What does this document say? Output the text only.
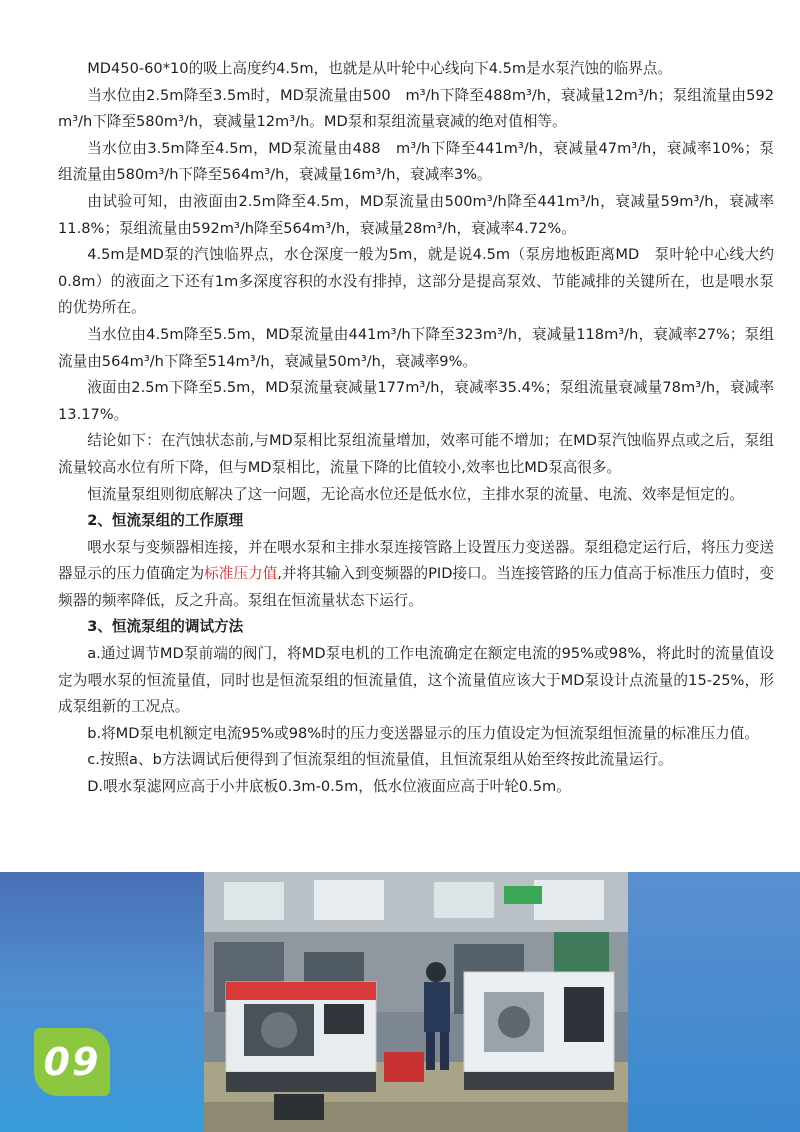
MD450-60*10的吸上高度约4.5m，也就是从叶轮中心线向下4.5m是水泵汽蚀的临界点。

当水位由2.5m降至3.5m时，MD泵流量由500　m³/h下降至488m³/h，衰减量12m³/h；泵组流量由592 m³/h下降至580m³/h，衰减量12m³/h。MD泵和泵组流量衰减的绝对值相等。

当水位由3.5m降至4.5m，MD泵流量由488　m³/h下降至441m³/h，衰减量47m³/h，衰减率10%；泵组流量由580m³/h下降至564m³/h，衰减量16m³/h，衰减率3%。

由试验可知，由液面由2.5m降至4.5m，MD泵流量由500m³/h降至441m³/h，衰减量59m³/h，衰减率11.8%；泵组流量由592m³/h降至564m³/h，衰减量28m³/h，衰减率4.72%。

4.5m是MD泵的汽蚀临界点，水仓深度一般为5m，就是说4.5m（泵房地板距离MD　泵叶轮中心线大约0.8m）的液面之下还有1m多深度容积的水没有排掉，这部分是提高泵效、节能减排的关键所在，也是喂水泵的优势所在。

当水位由4.5m降至5.5m，MD泵流量由441m³/h下降至323m³/h，衰减量118m³/h，衰减率27%；泵组流量由564m³/h下降至514m³/h，衰减量50m³/h，衰减率9%。

液面由2.5m下降至5.5m，MD泵流量衰减量177m³/h，衰减率35.4%；泵组流量衰减量78m³/h，衰减率13.17%。

结论如下：在汽蚀状态前,与MD泵相比泵组流量增加，效率可能不增加；在MD泵汽蚀临界点或之后，泵组流量较高水位有所下降，但与MD泵相比，流量下降的比值较小,效率也比MD泵高很多。

恒流量泵组则彻底解决了这一问题，无论高水位还是低水位，主排水泵的流量、电流、效率是恒定的。

2、恒流泵组的工作原理

喂水泵与变频器相连接，并在喂水泵和主排水泵连接管路上设置压力变送器。泵组稳定运行后，将压力变送器显示的压力值确定为标准压力值,并将其输入到变频器的PID接口。当连接管路的压力值高于标准压力值时，变频器的频率降低，反之升高。泵组在恒流量状态下运行。

3、恒流泵组的调试方法

a.通过调节MD泵前端的阀门，将MD泵电机的工作电流确定在额定电流的95%或98%，将此时的流量值设定为喂水泵的恒流量值，同时也是恒流泵组的恒流量值，这个流量值应该大于MD泵设计点流量的15-25%，形成泵组新的工况点。

b.将MD泵电机额定电流95%或98%时的压力变送器显示的压力值设定为恒流泵组恒流量的标准压力值。

c.按照a、b方法调试后便得到了恒流泵组的恒流量值，且恒流泵组从始至终按此流量运行。

D.喂水泵滤网应高于小井底板0.3m-0.5m，低水位液面应高于叶轮0.5m。

09
